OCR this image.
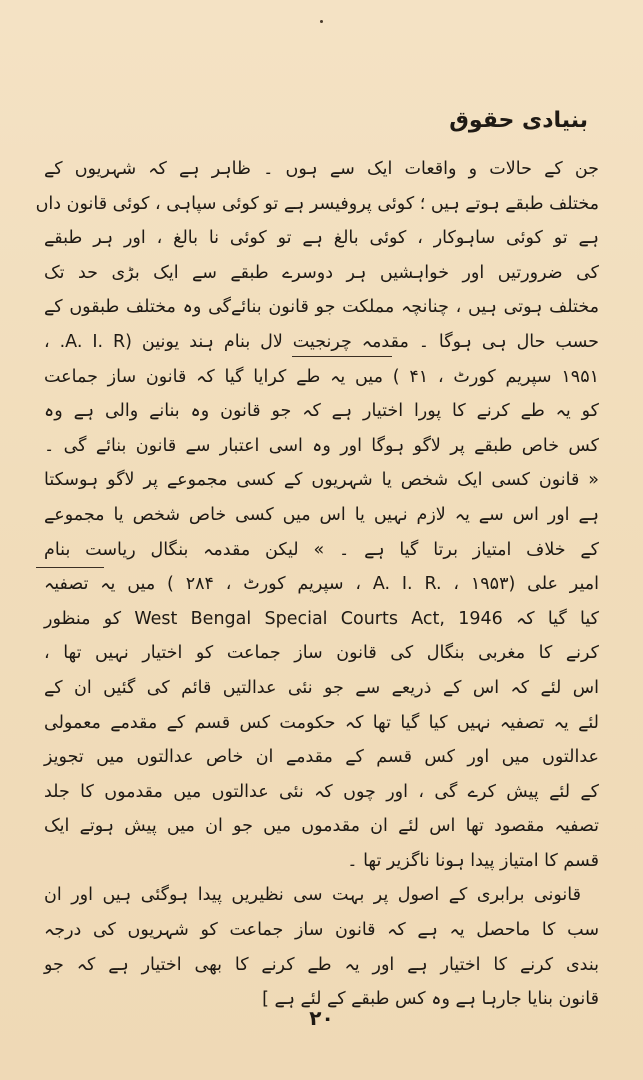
بنیادی حقوق
جن کے حالات و واقعات ایک سے ہوں ۔ ظاہر ہے کہ شہریوں کے
مختلف طبقے ہوتے ہیں ؛ کوئی پروفیسر ہے تو کوئی سپاہی ، کوئی قانون داں
ہے تو کوئی ساہوکار ، کوئی بالغ ہے تو کوئی نا بالغ ، اور ہر طبقے
کی ضرورتیں اور خواہشیں ہر دوسرے طبقے سے ایک بڑی حد تک
مختلف ہوتی ہیں ، چنانچہ مملکت جو قانون بنائےگی وہ مختلف طبقوں کے
حسب حال ہی ہوگا ۔ مقدمہ چرنجیت لال بنام ہند یونین (A. I. R. ،
۱۹۵۱ سپریم کورٹ ، ۴۱ ) میں یہ طے کرایا گیا کہ قانون ساز جماعت
کو یہ طے کرنے کا پورا اختیار ہے کہ جو قانون وہ بنانے والی ہے وہ
کس خاص طبقے پر لاگو ہوگا اور وہ اسی اعتبار سے قانون بنائے گی ۔
« قانون کسی ایک شخص یا شہریوں کے کسی مجموعے پر لاگو ہوسکتا
ہے اور اس سے یہ لازم نہیں یا اس میں کسی خاص شخص یا مجموعے
کے خلاف امتیاز برتا گیا ہے ۔ » لیکن مقدمہ بنگال ریاست بنام
امیر علی (A. I. R. ، ۱۹۵۳ ، سپریم کورٹ ، ۲۸۴ ) میں یہ تصفیہ
کیا گیا کہ West Bengal Special Courts Act, 1946 کو منظور
کرنے کا مغربی بنگال کی قانون ساز جماعت کو اختیار نہیں تھا ،
اس لئے کہ اس کے ذریعے سے جو نئی عدالتیں قائم کی گئیں ان کے
لئے یہ تصفیہ نہیں کیا گیا تھا کہ حکومت کس قسم کے مقدمے معمولی
عدالتوں میں اور کس قسم کے مقدمے ان خاص عدالتوں میں تجویز
کے لئے پیش کرے گی ، اور چوں کہ نئی عدالتوں میں مقدموں کا جلد
تصفیہ مقصود تھا اس لئے ان مقدموں میں جو ان میں پیش ہوتے ایک
قسم کا امتیاز پیدا ہونا ناگزیر تھا ۔
قانونی برابری کے اصول پر بہت سی نظیریں پیدا ہوگئی ہیں اور ان
سب کا ماحصل یہ ہے کہ قانون ساز جماعت کو شہریوں کی درجہ
بندی کرنے کا اختیار ہے اور یہ طے کرنے کا بھی اختیار ہے کہ جو
قانون بنایا جارہا ہے وہ کس طبقے کے لئے ہے ]
۲۰
